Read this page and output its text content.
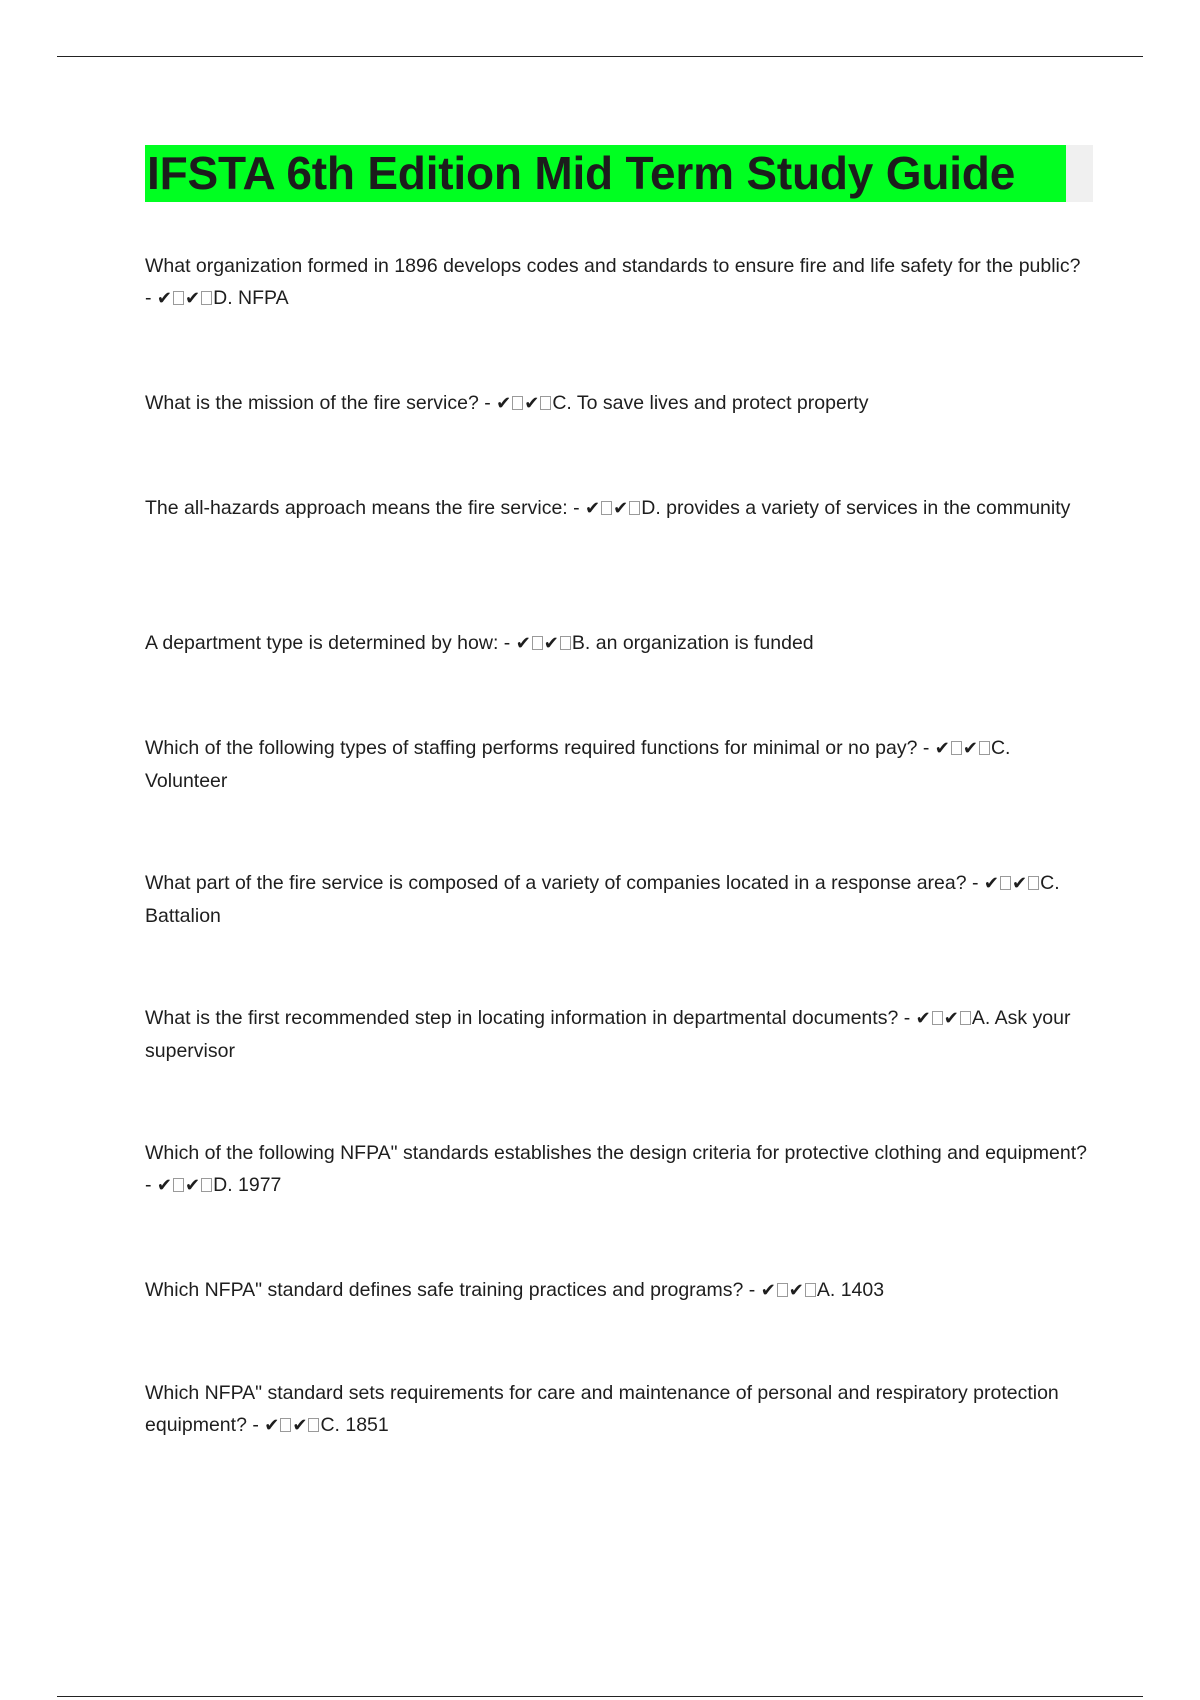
IFSTA 6th Edition Mid Term Study Guide
What organization formed in 1896 develops codes and standards to ensure fire and life safety for the public? - ✔ ✔ D. NFPA
What is the mission of the fire service? - ✔ ✔ C. To save lives and protect property
The all-hazards approach means the fire service: - ✔ ✔ D. provides a variety of services in the community
A department type is determined by how: - ✔ ✔ B. an organization is funded
Which of the following types of staffing performs required functions for minimal or no pay? - ✔ ✔ C. Volunteer
What part of the fire service is composed of a variety of companies located in a response area? - ✔ ✔ C. Battalion
What is the first recommended step in locating information in departmental documents? - ✔ ✔ A. Ask your supervisor
Which of the following NFPA" standards establishes the design criteria for protective clothing and equipment? - ✔ ✔ D. 1977
Which NFPA" standard defines safe training practices and programs? - ✔ ✔ A. 1403
Which NFPA" standard sets requirements for care and maintenance of personal and respiratory protection equipment? - ✔ ✔ C. 1851
